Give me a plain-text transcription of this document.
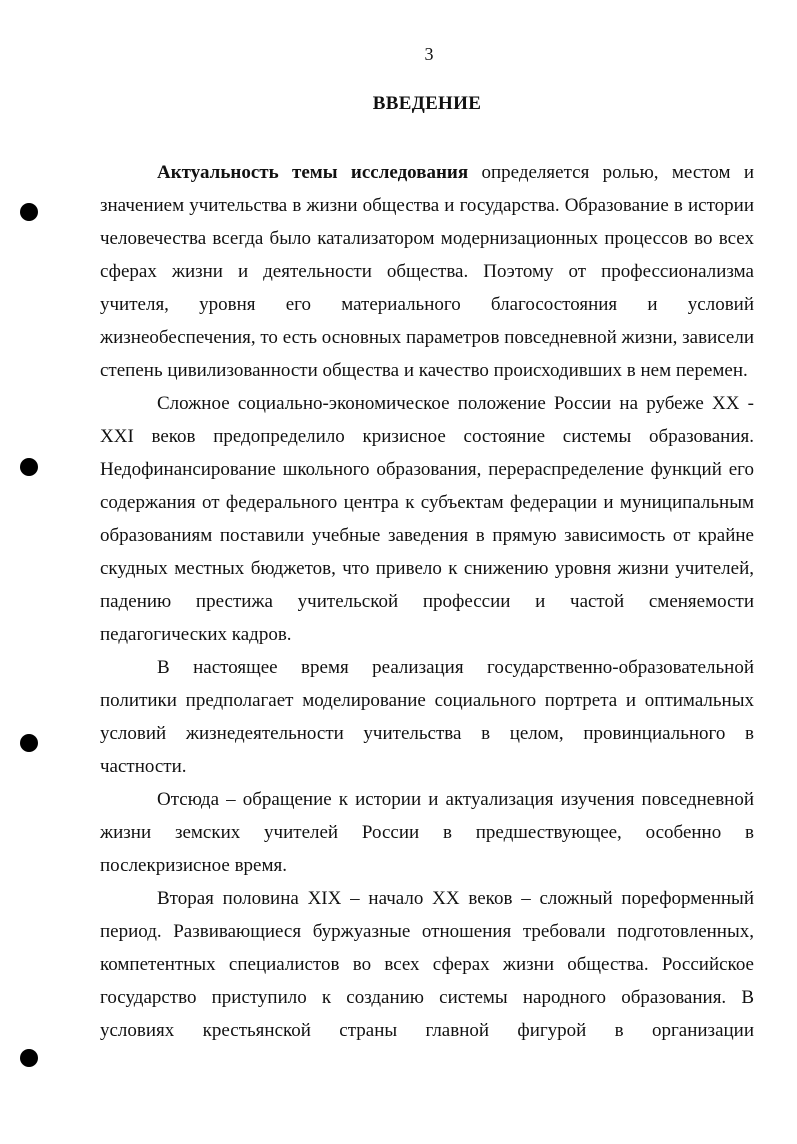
3
ВВЕДЕНИЕ

Актуальность темы исследования определяется ролью, местом и значением учительства в жизни общества и государства. Образование в истории человечества всегда было катализатором модернизационных процессов во всех сферах жизни и деятельности общества. Поэтому от профессионализма учителя, уровня его материального благосостояния и условий жизнеобеспечения, то есть основных параметров повседневной жизни, зависели степень цивилизованности общества и качество происходивших в нем перемен.

Сложное социально-экономическое положение России на рубеже XX - XXI веков предопределило кризисное состояние системы образования. Недофинансирование школьного образования, перераспределение функций его содержания от федерального центра к субъектам федерации и муниципальным образованиям поставили учебные заведения в прямую зависимость от крайне скудных местных бюджетов, что привело к снижению уровня жизни учителей, падению престижа учительской профессии и частой сменяемости педагогических кадров.

В настоящее время реализация государственно-образовательной политики предполагает моделирование социального портрета и оптимальных условий жизнедеятельности учительства в целом, провинциального в частности.

Отсюда – обращение к истории и актуализация изучения повседневной жизни земских учителей России в предшествующее, особенно в послекризисное время.

Вторая половина XIX – начало XX веков – сложный пореформенный период. Развивающиеся буржуазные отношения требовали подготовленных, компетентных специалистов во всех сферах жизни общества. Российское государство приступило к созданию системы народного образования. В условиях крестьянской страны главной фигурой в организации
